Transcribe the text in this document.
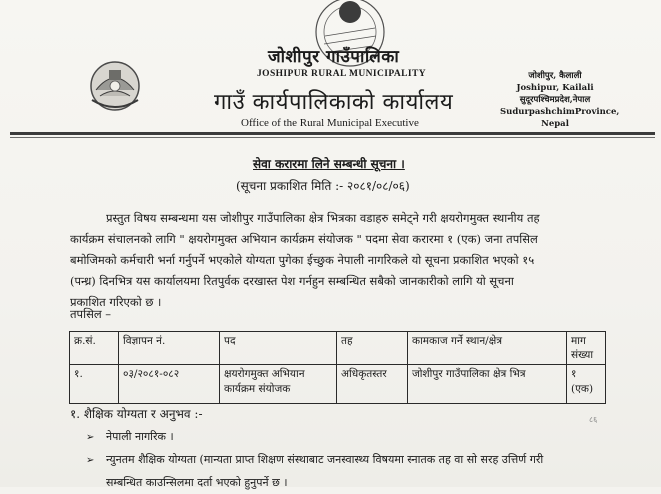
जोशीपुर गाउँपालिका
JOSHIPUR RURAL MUNICIPALITY
गाउँ कार्यपालिकाको कार्यालय
Office of the Rural Municipal Executive
जोशीपुर, कैलाली
Joshipur, Kailali
सुदूरपश्चिमप्रदेश,नेपाल
SudurpashchimProvince,
Nepal
सेवा करारमा लिने सम्बन्धी सूचना ।
(सूचना प्रकाशित मिति :- २०८१/०८/०६)
प्रस्तुत विषय सम्बन्धमा यस जोशीपुर गाउँपालिका क्षेत्र भित्रका वडाहरु समेट्ने गरी क्षयरोगमुक्त स्थानीय तह
कार्यक्रम संचालनको लागि " क्षयरोगमुक्त अभियान कार्यक्रम संयोजक " पदमा सेवा करारमा १ (एक) जना तपसिल
बमोजिमको कर्मचारी भर्ना गर्नुपर्ने भएकोले योग्यता पुगेका ईच्छुक नेपाली नागरिकले यो सूचना प्रकाशित भएको १५
(पन्ध्र) दिनभित्र यस कार्यालयमा रितपुर्वक दरखास्त पेश गर्नहुन सम्बन्धित सबैको जानकारीको लागि यो सूचना
प्रकाशित गरिएको छ ।
तपसिल –
क्र.सं.	विज्ञापन नं.	पद	तह	कामकाज गर्ने स्थान/क्षेत्र	माग संख्या
१.	०३/२०८१-०८२	क्षयरोगमुक्त अभियान कार्यक्रम संयोजक	अधिकृतस्तर	जोशीपुर गाउँपालिका क्षेत्र भित्र	१ (एक)
८६
१. शैक्षिक योग्यता र अनुभव :-
➢ नेपाली नागरिक ।
➢ न्युनतम शैक्षिक योग्यता (मान्यता प्राप्त शिक्षण संस्थाबाट जनस्वास्थ्य विषयमा स्नातक तह वा सो सरह उत्तिर्ण गरी
सम्बन्धित काउन्सिलमा दर्ता भएको हुनुपर्ने छ ।
